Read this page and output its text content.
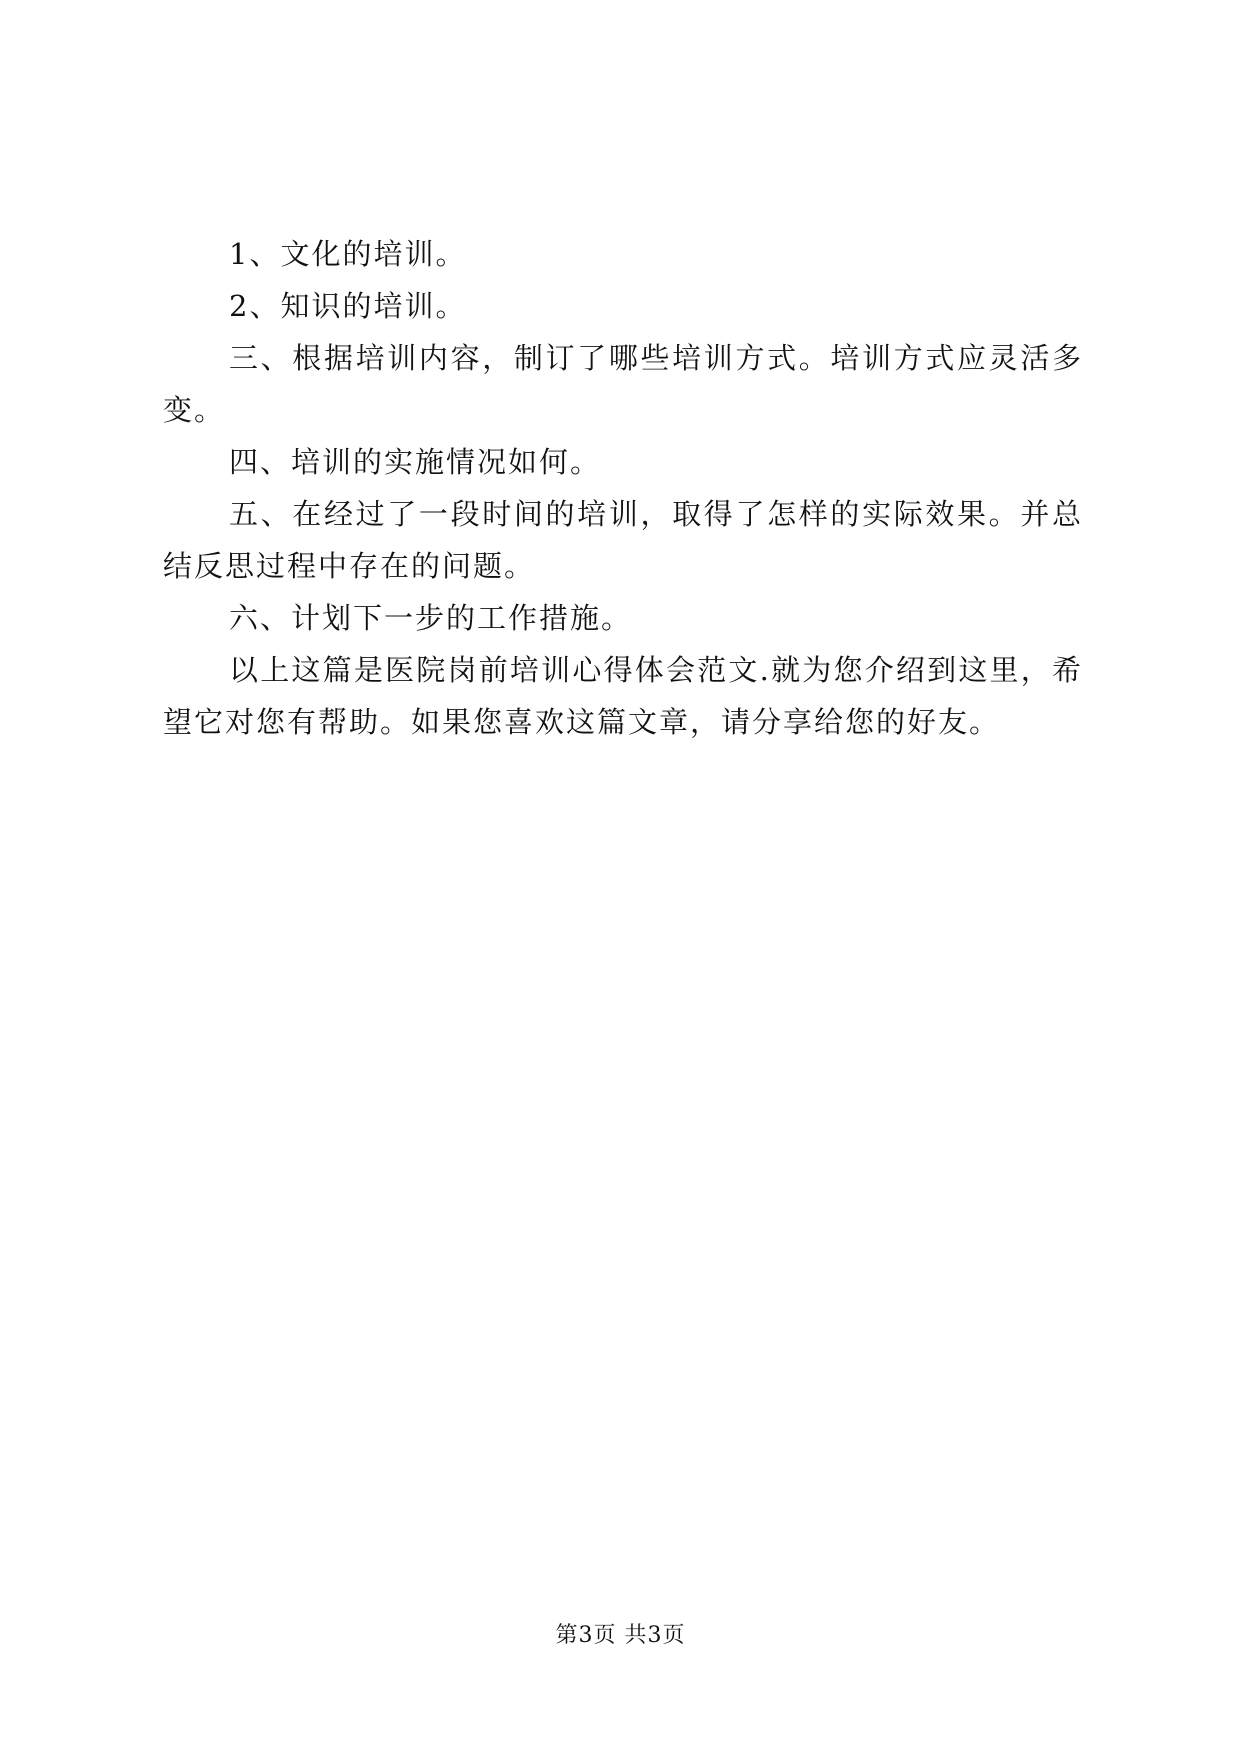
1、文化的培训。

2、知识的培训。

三、根据培训内容，制订了哪些培训方式。培训方式应灵活多变。

四、培训的实施情况如何。

五、在经过了一段时间的培训，取得了怎样的实际效果。并总结反思过程中存在的问题。

六、计划下一步的工作措施。

以上这篇是医院岗前培训心得体会范文.就为您介绍到这里，希望它对您有帮助。如果您喜欢这篇文章，请分享给您的好友。

第3页 共3页
